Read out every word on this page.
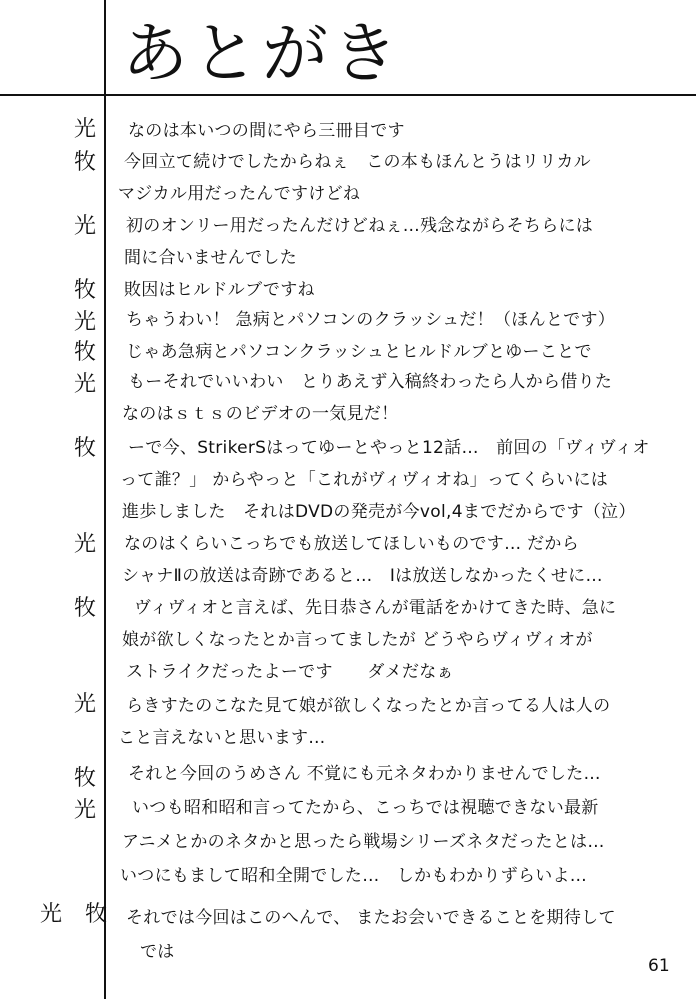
あとがき
光
牧
光
牧
光
牧
光
牧
光
牧
光
牧
光
光 牧
なのは本いつの間にやら三冊目です
今回立て続けでしたからねぇ　この本もほんとうはリリカル
マジカル用だったんですけどね
初のオンリー用だったんだけどねぇ…残念ながらそちらには
間に合いませんでした
敗因はヒルドルブですね
ちゃうわい！ 急病とパソコンのクラッシュだ！（ほんとです）
じゃあ急病とパソコンクラッシュとヒルドルブとゆーことで
もーそれでいいわい　とりあえず入稿終わったら人から借りた
なのはｓｔｓのビデオの一気見だ！
ーで今、StrikerSはってゆーとやっと12話…　前回の「ヴィヴィオ
って誰？」 からやっと「これがヴィヴィオね」ってくらいには
進歩しました　それはDVDの発売が今vol,4までだからです（泣）
なのはくらいこっちでも放送してほしいものです… だから
シャナⅡの放送は奇跡であると…　Ⅰは放送しなかったくせに…
ヴィヴィオと言えば、先日恭さんが電話をかけてきた時、急に
娘が欲しくなったとか言ってましたが どうやらヴィヴィオが
ストライクだったよーです　　ダメだなぁ
らきすたのこなた見て娘が欲しくなったとか言ってる人は人の
こと言えないと思います…
それと今回のうめさん 不覚にも元ネタわかりませんでした…
いつも昭和昭和言ってたから、こっちでは視聴できない最新
アニメとかのネタかと思ったら戦場シリーズネタだったとは…
いつにもまして昭和全開でした…　しかもわかりずらいよ…
それでは今回はこのへんで、 またお会いできることを期待して
では
61
